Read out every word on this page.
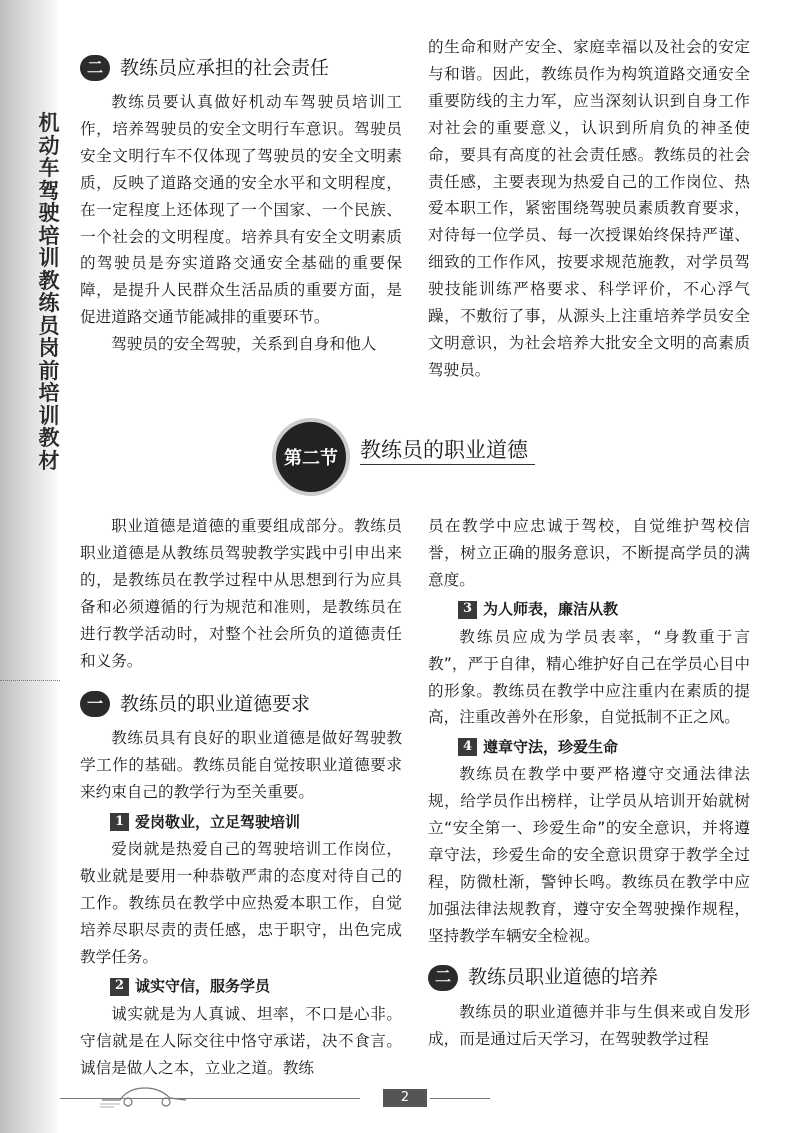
机动车驾驶培训教练员岗前培训教材
二 教练员应承担的社会责任

教练员要认真做好机动车驾驶员培训工作，培养驾驶员的安全文明行车意识。驾驶员安全文明行车不仅体现了驾驶员的安全文明素质，反映了道路交通的安全水平和文明程度，在一定程度上还体现了一个国家、一个民族、一个社会的文明程度。培养具有安全文明素质的驾驶员是夯实道路交通安全基础的重要保障，是提升人民群众生活品质的重要方面，是促进道路交通节能减排的重要环节。

驾驶员的安全驾驶，关系到自身和他人

的生命和财产安全、家庭幸福以及社会的安定与和谐。因此，教练员作为构筑道路交通安全重要防线的主力军，应当深刻认识到自身工作对社会的重要意义，认识到所肩负的神圣使命，要具有高度的社会责任感。教练员的社会责任感，主要表现为热爱自己的工作岗位、热爱本职工作，紧密围绕驾驶员素质教育要求，对待每一位学员、每一次授课始终保持严谨、细致的工作作风，按要求规范施教，对学员驾驶技能训练严格要求、科学评价，不心浮气躁，不敷衍了事，从源头上注重培养学员安全文明意识，为社会培养大批安全文明的高素质驾驶员。

第二节 教练员的职业道德

职业道德是道德的重要组成部分。教练员职业道德是从教练员驾驶教学实践中引申出来的，是教练员在教学过程中从思想到行为应具备和必须遵循的行为规范和准则，是教练员在进行教学活动时，对整个社会所负的道德责任和义务。

一 教练员的职业道德要求

教练员具有良好的职业道德是做好驾驶教学工作的基础。教练员能自觉按职业道德要求来约束自己的教学行为至关重要。

1 爱岗敬业，立足驾驶培训

爱岗就是热爱自己的驾驶培训工作岗位，敬业就是要用一种恭敬严肃的态度对待自己的工作。教练员在教学中应热爱本职工作，自觉培养尽职尽责的责任感，忠于职守，出色完成教学任务。

2 诚实守信，服务学员

诚实就是为人真诚、坦率，不口是心非。守信就是在人际交往中恪守承诺，决不食言。诚信是做人之本，立业之道。教练

员在教学中应忠诚于驾校，自觉维护驾校信誉，树立正确的服务意识，不断提高学员的满意度。

3 为人师表，廉洁从教

教练员应成为学员表率，“身教重于言教”，严于自律，精心维护好自己在学员心目中的形象。教练员在教学中应注重内在素质的提高，注重改善外在形象，自觉抵制不正之风。

4 遵章守法，珍爱生命

教练员在教学中要严格遵守交通法律法规，给学员作出榜样，让学员从培训开始就树立“安全第一、珍爱生命”的安全意识，并将遵章守法，珍爱生命的安全意识贯穿于教学全过程，防微杜渐，警钟长鸣。教练员在教学中应加强法律法规教育，遵守安全驾驶操作规程，坚持教学车辆安全检视。

二 教练员职业道德的培养

教练员的职业道德并非与生俱来或自发形成，而是通过后天学习，在驾驶教学过程

2
